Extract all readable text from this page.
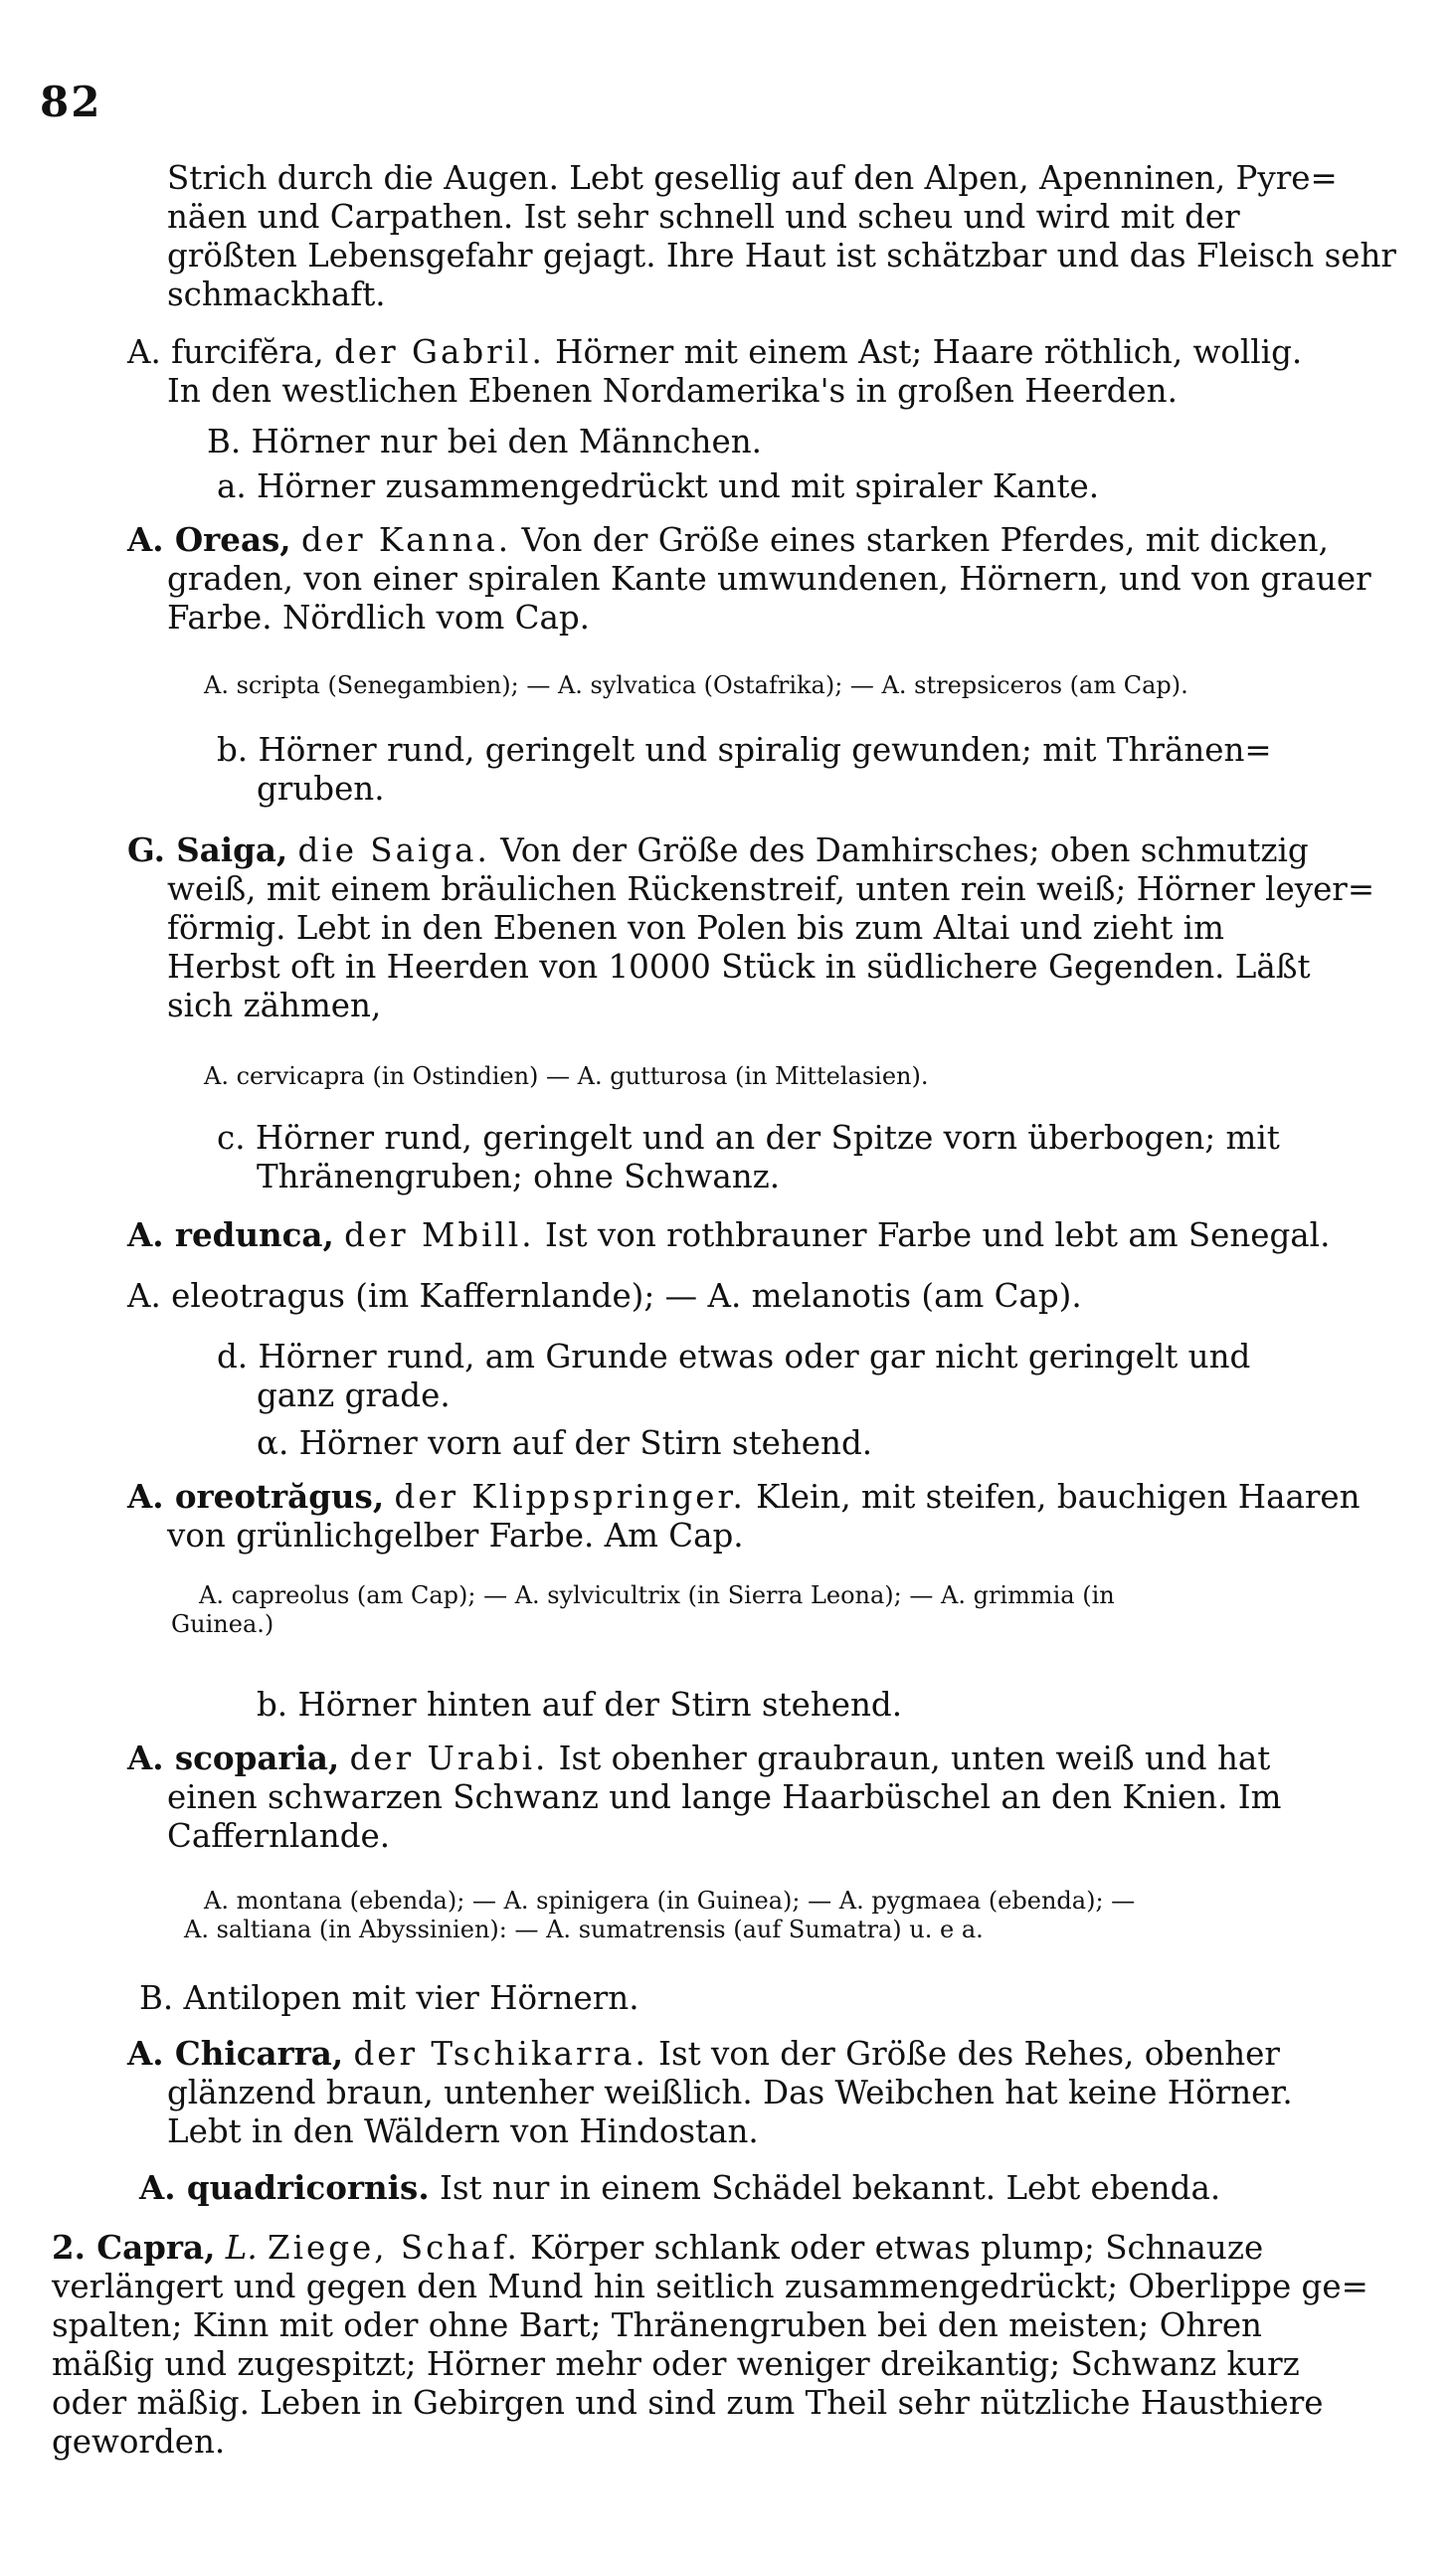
82
Strich durch die Augen. Lebt gesellig auf den Alpen, Apenninen, Pyre=
näen und Carpathen. Ist sehr schnell und scheu und wird mit der
größten Lebensgefahr gejagt. Ihre Haut ist schätzbar und das Fleisch sehr
schmackhaft.
A. furcifĕra, der Gabril. Hörner mit einem Ast; Haare röthlich, wollig.
In den westlichen Ebenen Nordamerika's in großen Heerden.
B. Hörner nur bei den Männchen.
a. Hörner zusammengedrückt und mit spiraler Kante.
A. Oreas, der Kanna. Von der Größe eines starken Pferdes, mit dicken,
graden, von einer spiralen Kante umwundenen, Hörnern, und von grauer
Farbe. Nördlich vom Cap.
A. scripta (Senegambien); — A. sylvatica (Ostafrika); — A. strepsiceros (am Cap).
b. Hörner rund, geringelt und spiralig gewunden; mit Thränen=
gruben.
G. Saiga, die Saiga. Von der Größe des Damhirsches; oben schmutzig
weiß, mit einem bräulichen Rückenstreif, unten rein weiß; Hörner leyer=
förmig. Lebt in den Ebenen von Polen bis zum Altai und zieht im
Herbst oft in Heerden von 10000 Stück in südlichere Gegenden. Läßt
sich zähmen,
A. cervicapra (in Ostindien) — A. gutturosa (in Mittelasien).
c. Hörner rund, geringelt und an der Spitze vorn überbogen; mit
Thränengruben; ohne Schwanz.
A. redunca, der Mbill. Ist von rothbrauner Farbe und lebt am Senegal.
A. eleotragus (im Kaffernlande); — A. melanotis (am Cap).
d. Hörner rund, am Grunde etwas oder gar nicht geringelt und
ganz grade.
α. Hörner vorn auf der Stirn stehend.
A. oreotrăgus, der Klippspringer. Klein, mit steifen, bauchigen Haaren
von grünlichgelber Farbe. Am Cap.
A. capreolus (am Cap); — A. sylvicultrix (in Sierra Leona); — A. grimmia (in
Guinea.)
b. Hörner hinten auf der Stirn stehend.
A. scoparia, der Urabi. Ist obenher graubraun, unten weiß und hat
einen schwarzen Schwanz und lange Haarbüschel an den Knien. Im
Caffernlande.
A. montana (ebenda); — A. spinigera (in Guinea); — A. pygmaea (ebenda); —
A. saltiana (in Abyssinien): — A. sumatrensis (auf Sumatra) u. e a.
B. Antilopen mit vier Hörnern.
A. Chicarra, der Tschikarra. Ist von der Größe des Rehes, obenher
glänzend braun, untenher weißlich. Das Weibchen hat keine Hörner.
Lebt in den Wäldern von Hindostan.
A. quadricornis. Ist nur in einem Schädel bekannt. Lebt ebenda.
2. Capra, L. Ziege, Schaf. Körper schlank oder etwas plump; Schnauze
verlängert und gegen den Mund hin seitlich zusammengedrückt; Oberlippe ge=
spalten; Kinn mit oder ohne Bart; Thränengruben bei den meisten; Ohren
mäßig und zugespitzt; Hörner mehr oder weniger dreikantig; Schwanz kurz
oder mäßig. Leben in Gebirgen und sind zum Theil sehr nützliche Hausthiere
geworden.
